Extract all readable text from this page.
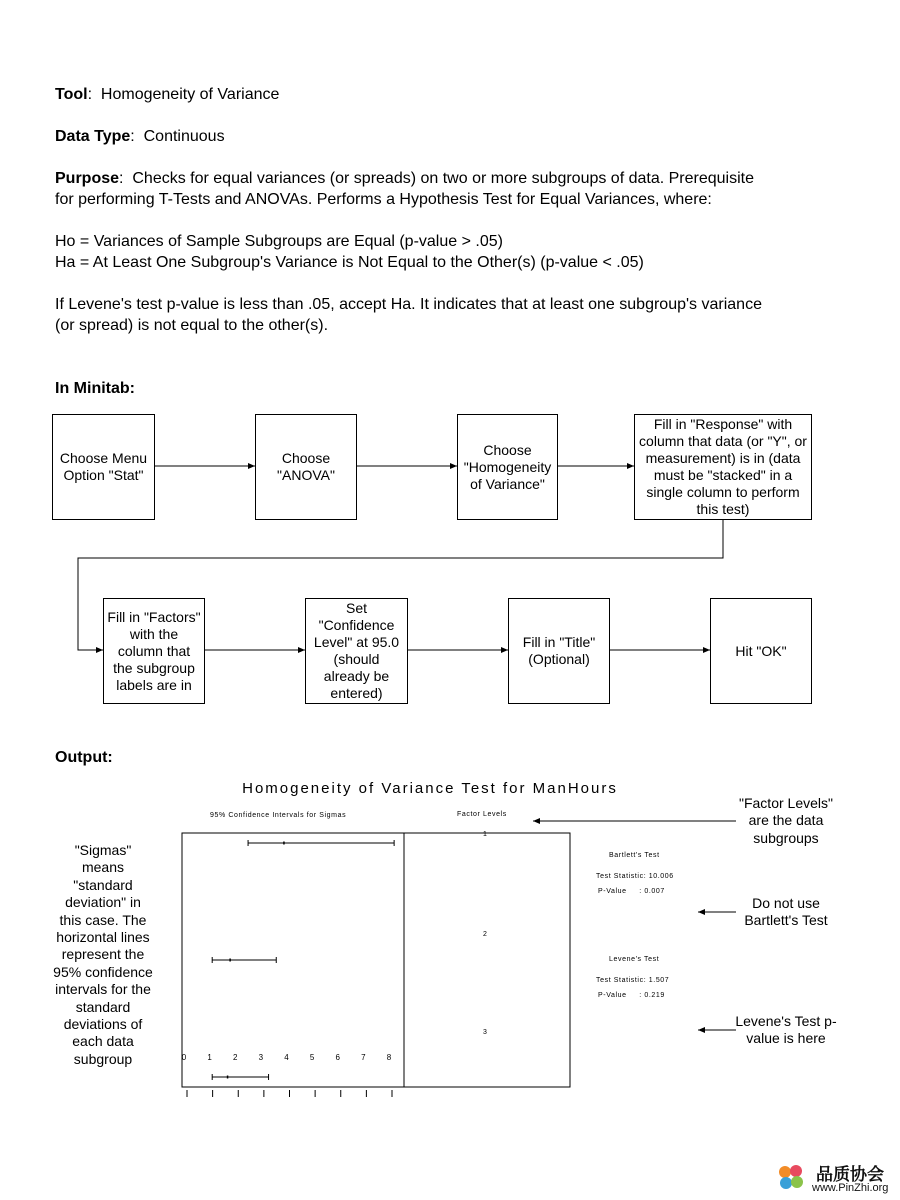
Tool:  Homogeneity of Variance

Data Type:  Continuous

Purpose:  Checks for equal variances (or spreads) on two or more subgroups of data. Prerequisite

for performing T-Tests and ANOVAs. Performs a Hypothesis Test for Equal Variances, where:

Ho = Variances of Sample Subgroups are Equal (p-value > .05)

Ha = At Least One Subgroup's Variance is Not Equal to the Other(s) (p-value < .05)

If Levene's test p-value is less than .05, accept Ha. It indicates that at least one subgroup's variance

(or spread) is not equal to the other(s).

In Minitab:

Choose Menu Option "Stat"
Choose "ANOVA"
Choose "Homogeneity of Variance"
Fill in "Response" with column that data (or "Y", or measurement) is in (data must be "stacked" in a single column to perform this test)
Fill in "Factors" with the column that the subgroup labels are in
Set "Confidence Level" at 95.0 (should already be entered)
Fill in "Title" (Optional)
Hit "OK"

Output:

Homogeneity of Variance Test for ManHours
95% Confidence Intervals for Sigmas	Factor Levels
1
2
3
0	1	2	3	4	5	6	7	8
Bartlett's Test
Test Statistic: 10.006
P-Value     : 0.007
Levene's Test
Test Statistic: 1.507
P-Value     : 0.219
"Sigmas" means "standard deviation" in this case. The horizontal lines represent the 95% confidence intervals for the standard deviations of each data subgroup
"Factor Levels" are the data subgroups
Do not use Bartlett's Test
Levene's Test p-value is here
品质协会
www.PinZhi.org
